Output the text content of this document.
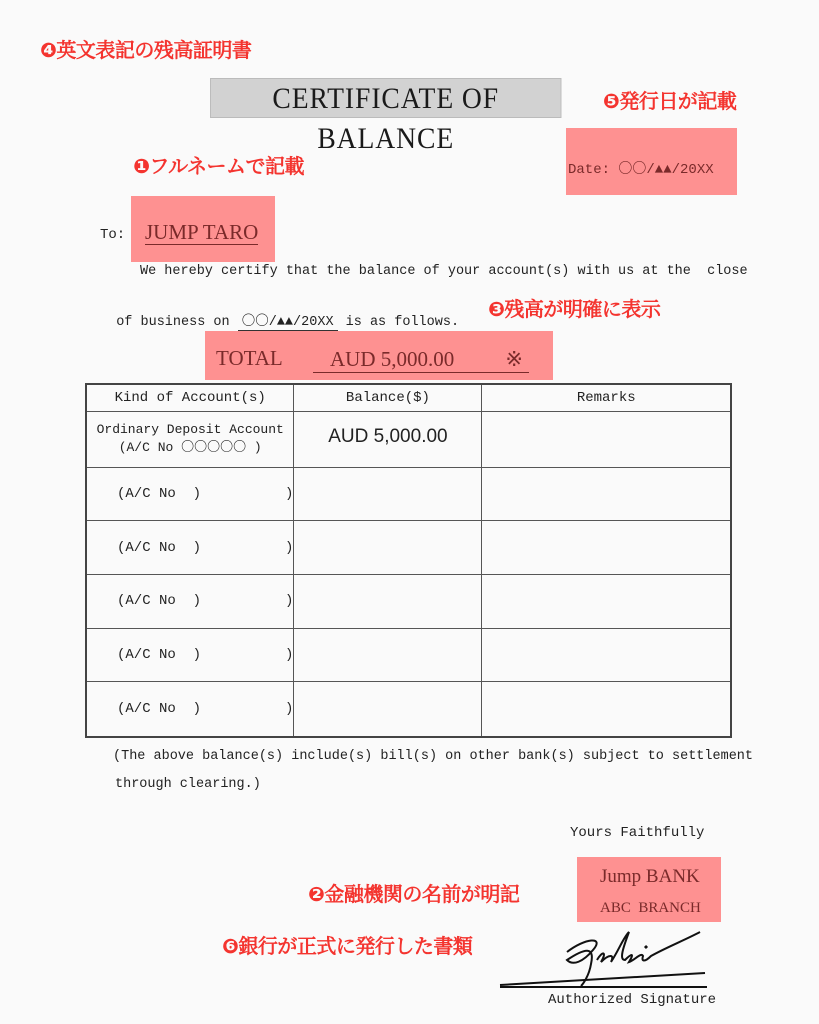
❹英文表記の残高証明書
CERTIFICATE OF BALANCE
❺発行日が記載
❶フルネームで記載	Date: 〇〇/▲▲/20XX
To: JUMP TARO
We hereby certify that the balance of your account(s) with us at the  close

of business on 〇〇/▲▲/20XX is as follows.

❸残高が明確に表示
TOTAL	AUD 5,000.00 ※
Kind of Account(s)	Balance($)	Remarks

Ordinary Deposit Account
(A/C No 〇〇〇〇〇 )	AUD 5,000.00	
(A/C No  )          )		
(A/C No  )          )		
(A/C No  )          )		
(A/C No  )          )		
(A/C No  )          )		
(The above balance(s) include(s) bill(s) on other bank(s) subject to settlement
through clearing.)
Yours Faithfully
❷金融機関の名前が明記
Jump BANK
ABC  BRANCH
❻銀行が正式に発行した書類
Authorized Signature
